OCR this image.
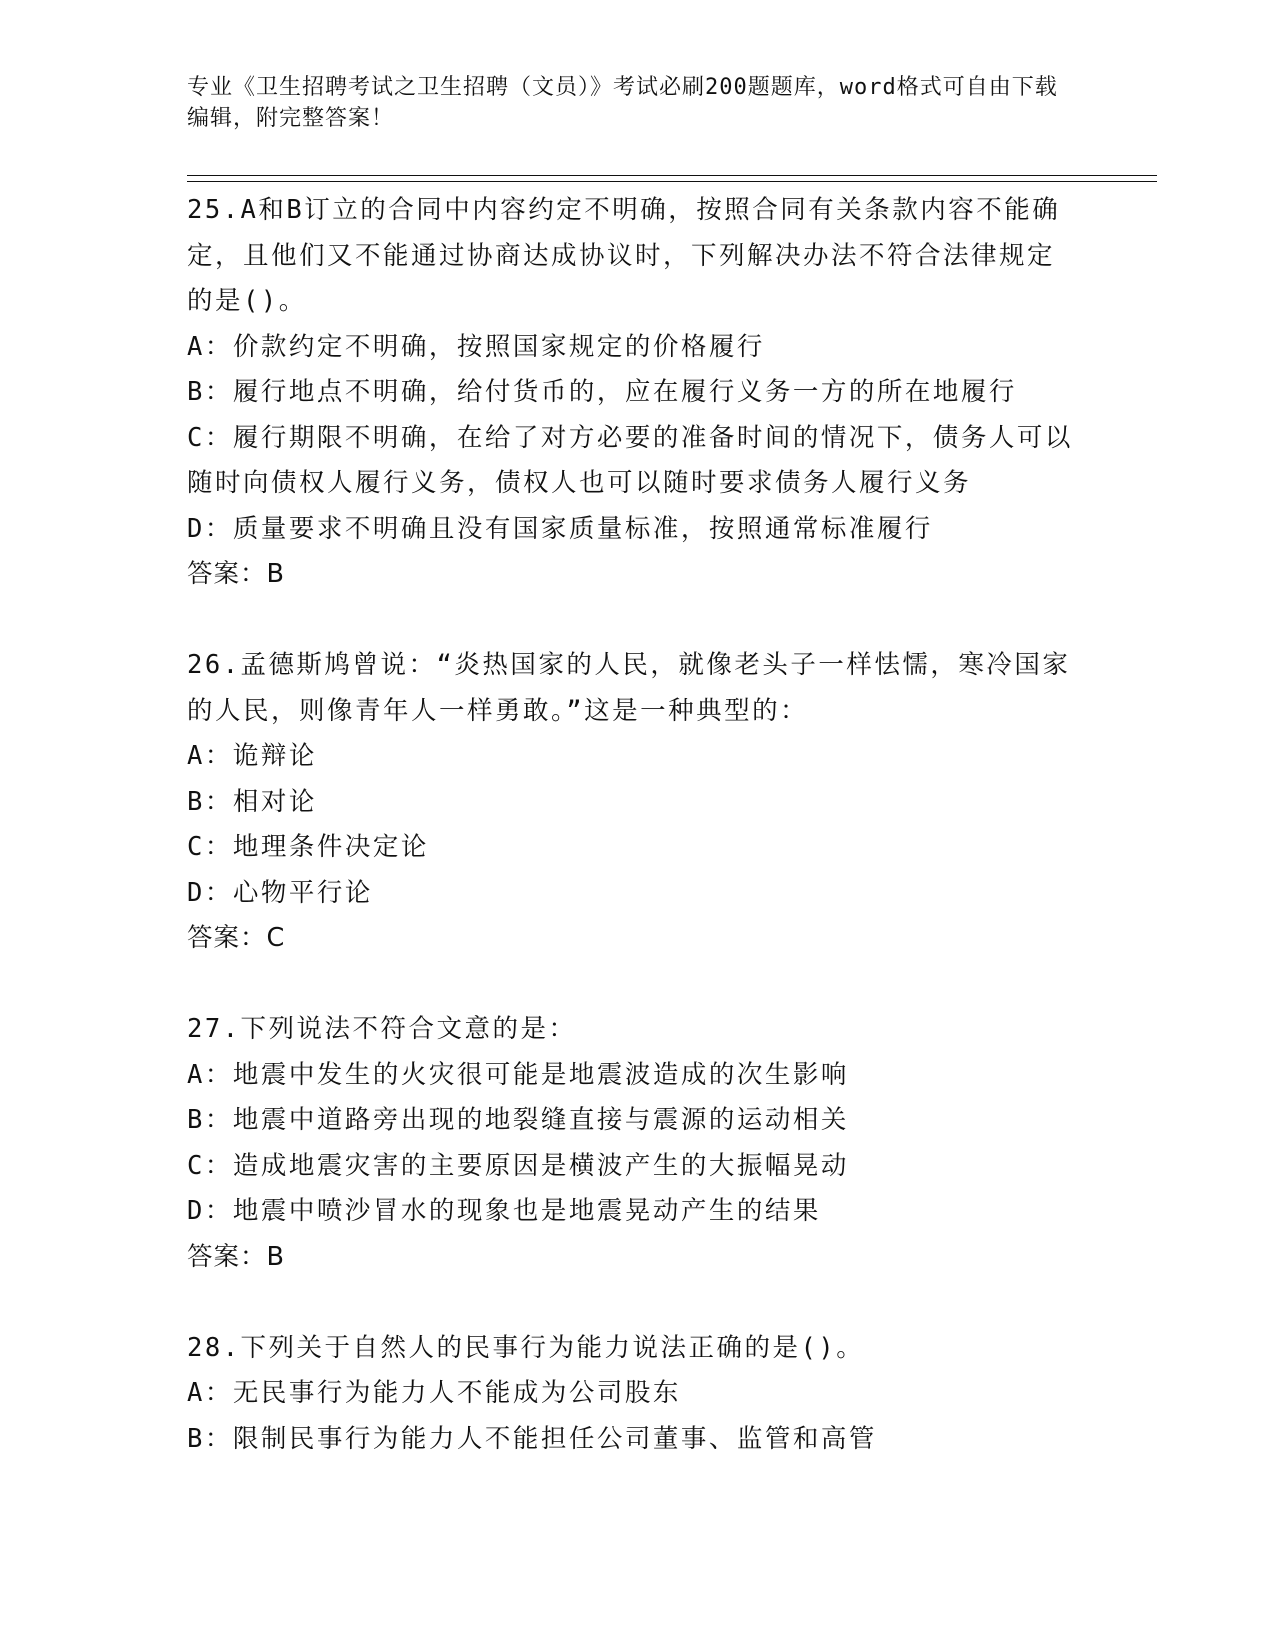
专业《卫生招聘考试之卫生招聘（文员）》考试必刷200题题库，word格式可自由下载编辑，附完整答案！
25.A和B订立的合同中内容约定不明确，按照合同有关条款内容不能确定，且他们又不能通过协商达成协议时，下列解决办法不符合法律规定的是()。
A：价款约定不明确，按照国家规定的价格履行
B：履行地点不明确，给付货币的，应在履行义务一方的所在地履行
C：履行期限不明确，在给了对方必要的准备时间的情况下，债务人可以随时向债权人履行义务，债权人也可以随时要求债务人履行义务
D：质量要求不明确且没有国家质量标准，按照通常标准履行
答案：B
26.孟德斯鸠曾说：“炎热国家的人民，就像老头子一样怯懦，寒冷国家的人民，则像青年人一样勇敢。”这是一种典型的：
A：诡辩论
B：相对论
C：地理条件决定论
D：心物平行论
答案：C
27.下列说法不符合文意的是：
A：地震中发生的火灾很可能是地震波造成的次生影响
B：地震中道路旁出现的地裂缝直接与震源的运动相关
C：造成地震灾害的主要原因是横波产生的大振幅晃动
D：地震中喷沙冒水的现象也是地震晃动产生的结果
答案：B
28.下列关于自然人的民事行为能力说法正确的是()。
A：无民事行为能力人不能成为公司股东
B：限制民事行为能力人不能担任公司董事、监管和高管
